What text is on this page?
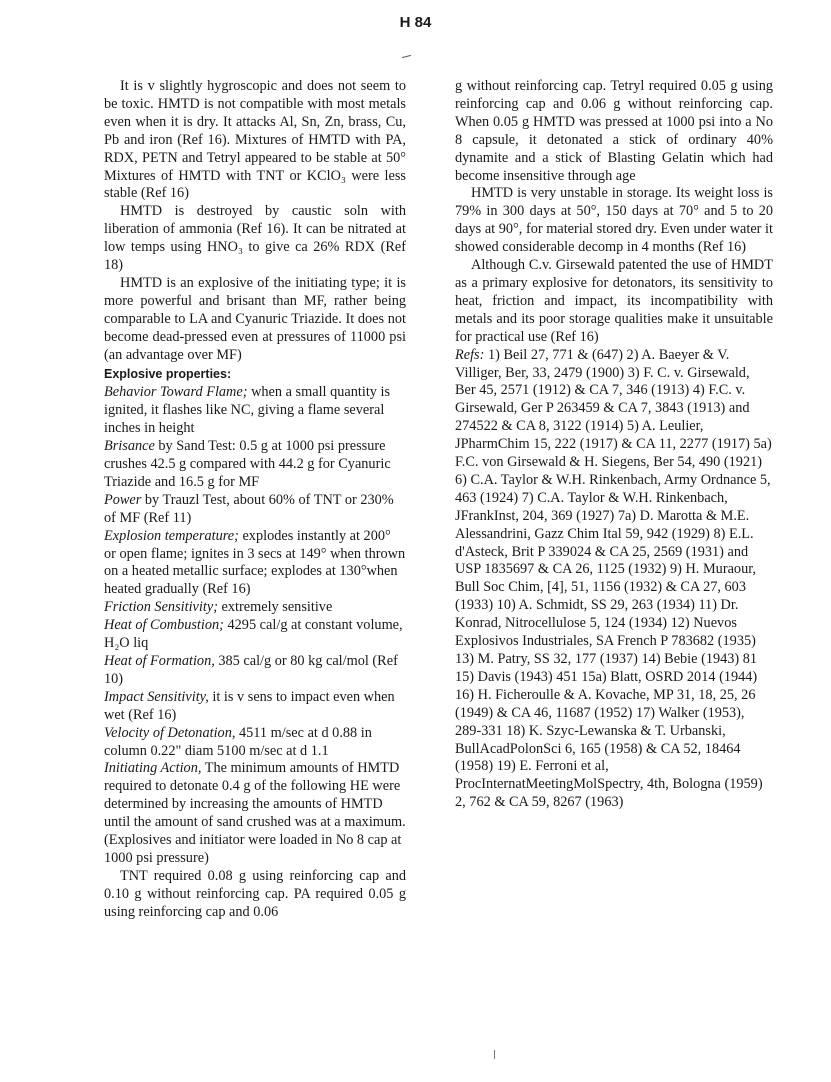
H 84

It is v slightly hygroscopic and does not seem to be toxic. HMTD is not compatible with most metals even when it is dry. It attacks Al, Sn, Zn, brass, Cu, Pb and iron (Ref 16). Mixtures of HMTD with PA, RDX, PETN and Tetryl appeared to be stable at 50° Mixtures of HMTD with TNT or KClO₃ were less stable (Ref 16)

HMTD is destroyed by caustic soln with liberation of ammonia (Ref 16). It can be nitrated at low temps using HNO₃ to give ca 26% RDX (Ref 18)

HMTD is an explosive of the initiating type; it is more powerful and brisant than MF, rather being comparable to LA and Cyanuric Triazide. It does not become dead-pressed even at pressures of 11000 psi (an advantage over MF)

Explosive properties:

Behavior Toward Flame; when a small quantity is ignited, it flashes like NC, giving a flame several inches in height

Brisance by Sand Test: 0.5 g at 1000 psi pressure crushes 42.5 g compared with 44.2 g for Cyanuric Triazide and 16.5 g for MF

Power by Trauzl Test, about 60% of TNT or 230% of MF (Ref 11)

Explosion temperature; explodes instantly at 200° or open flame; ignites in 3 secs at 149° when thrown on a heated metallic surface; explodes at 130°when heated gradually (Ref 16)

Friction Sensitivity; extremely sensitive

Heat of Combustion; 4295 cal/g at constant volume, H₂O liq

Heat of Formation, 385 cal/g or 80 kg cal/mol (Ref 10)

Impact Sensitivity, it is v sens to impact even when wet (Ref 16)

Velocity of Detonation, 4511 m/sec at d 0.88 in column 0.22" diam 5100 m/sec at d 1.1

Initiating Action, The minimum amounts of HMTD required to detonate 0.4 g of the following HE were determined by increasing the amounts of HMTD until the amount of sand crushed was at a maximum. (Explosives and initiator were loaded in No 8 cap at 1000 psi pressure)

TNT required 0.08 g using reinforcing cap and 0.10 g without reinforcing cap. PA required 0.05 g using reinforcing cap and 0.06

g without reinforcing cap. Tetryl required 0.05 g using reinforcing cap and 0.06 g without reinforcing cap. When 0.05 g HMTD was pressed at 1000 psi into a No 8 capsule, it detonated a stick of ordinary 40% dynamite and a stick of Blasting Gelatin which had become insensitive through age

HMTD is very unstable in storage. Its weight loss is 79% in 300 days at 50°, 150 days at 70° and 5 to 20 days at 90°, for material stored dry. Even under water it showed considerable decomp in 4 months (Ref 16)

Although C.v. Girsewald patented the use of HMDT as a primary explosive for detonators, its sensitivity to heat, friction and impact, its incompatibility with metals and its poor storage qualities make it unsuitable for practical use (Ref 16)

Refs: 1) Beil 27, 771 & (647) 2) A. Baeyer & V. Villiger, Ber, 33, 2479 (1900) 3) F. C. v. Girsewald, Ber 45, 2571 (1912) & CA 7, 346 (1913) 4) F.C. v. Girsewald, Ger P 263459 & CA 7, 3843 (1913) and 274522 & CA 8, 3122 (1914) 5) A. Leulier, JPharmChim 15, 222 (1917) & CA 11, 2277 (1917) 5a) F.C. von Girsewald & H. Siegens, Ber 54, 490 (1921) 6) C.A. Taylor & W.H. Rinkenbach, Army Ordnance 5, 463 (1924) 7) C.A. Taylor & W.H. Rinkenbach, JFrankInst, 204, 369 (1927) 7a) D. Marotta & M.E. Alessandrini, Gazz Chim Ital 59, 942 (1929) 8) E.L. d'Asteck, Brit P 339024 & CA 25, 2569 (1931) and USP 1835697 & CA 26, 1125 (1932) 9) H. Muraour, Bull Soc Chim, [4], 51, 1156 (1932) & CA 27, 603 (1933) 10) A. Schmidt, SS 29, 263 (1934) 11) Dr. Konrad, Nitrocellulose 5, 124 (1934) 12) Nuevos Explosivos Industriales, SA French P 783682 (1935) 13) M. Patry, SS 32, 177 (1937) 14) Bebie (1943) 81 15) Davis (1943) 451 15a) Blatt, OSRD 2014 (1944) 16) H. Ficheroulle & A. Kovache, MP 31, 18, 25, 26 (1949) & CA 46, 11687 (1952) 17) Walker (1953), 289-331 18) K. Szyc-Lewanska & T. Urbanski, BullAcadPolonSci 6, 165 (1958) & CA 52, 18464 (1958) 19) E. Ferroni et al, ProcInternatMeetingMolSpectry, 4th, Bologna (1959) 2, 762 & CA 59, 8267 (1963)
